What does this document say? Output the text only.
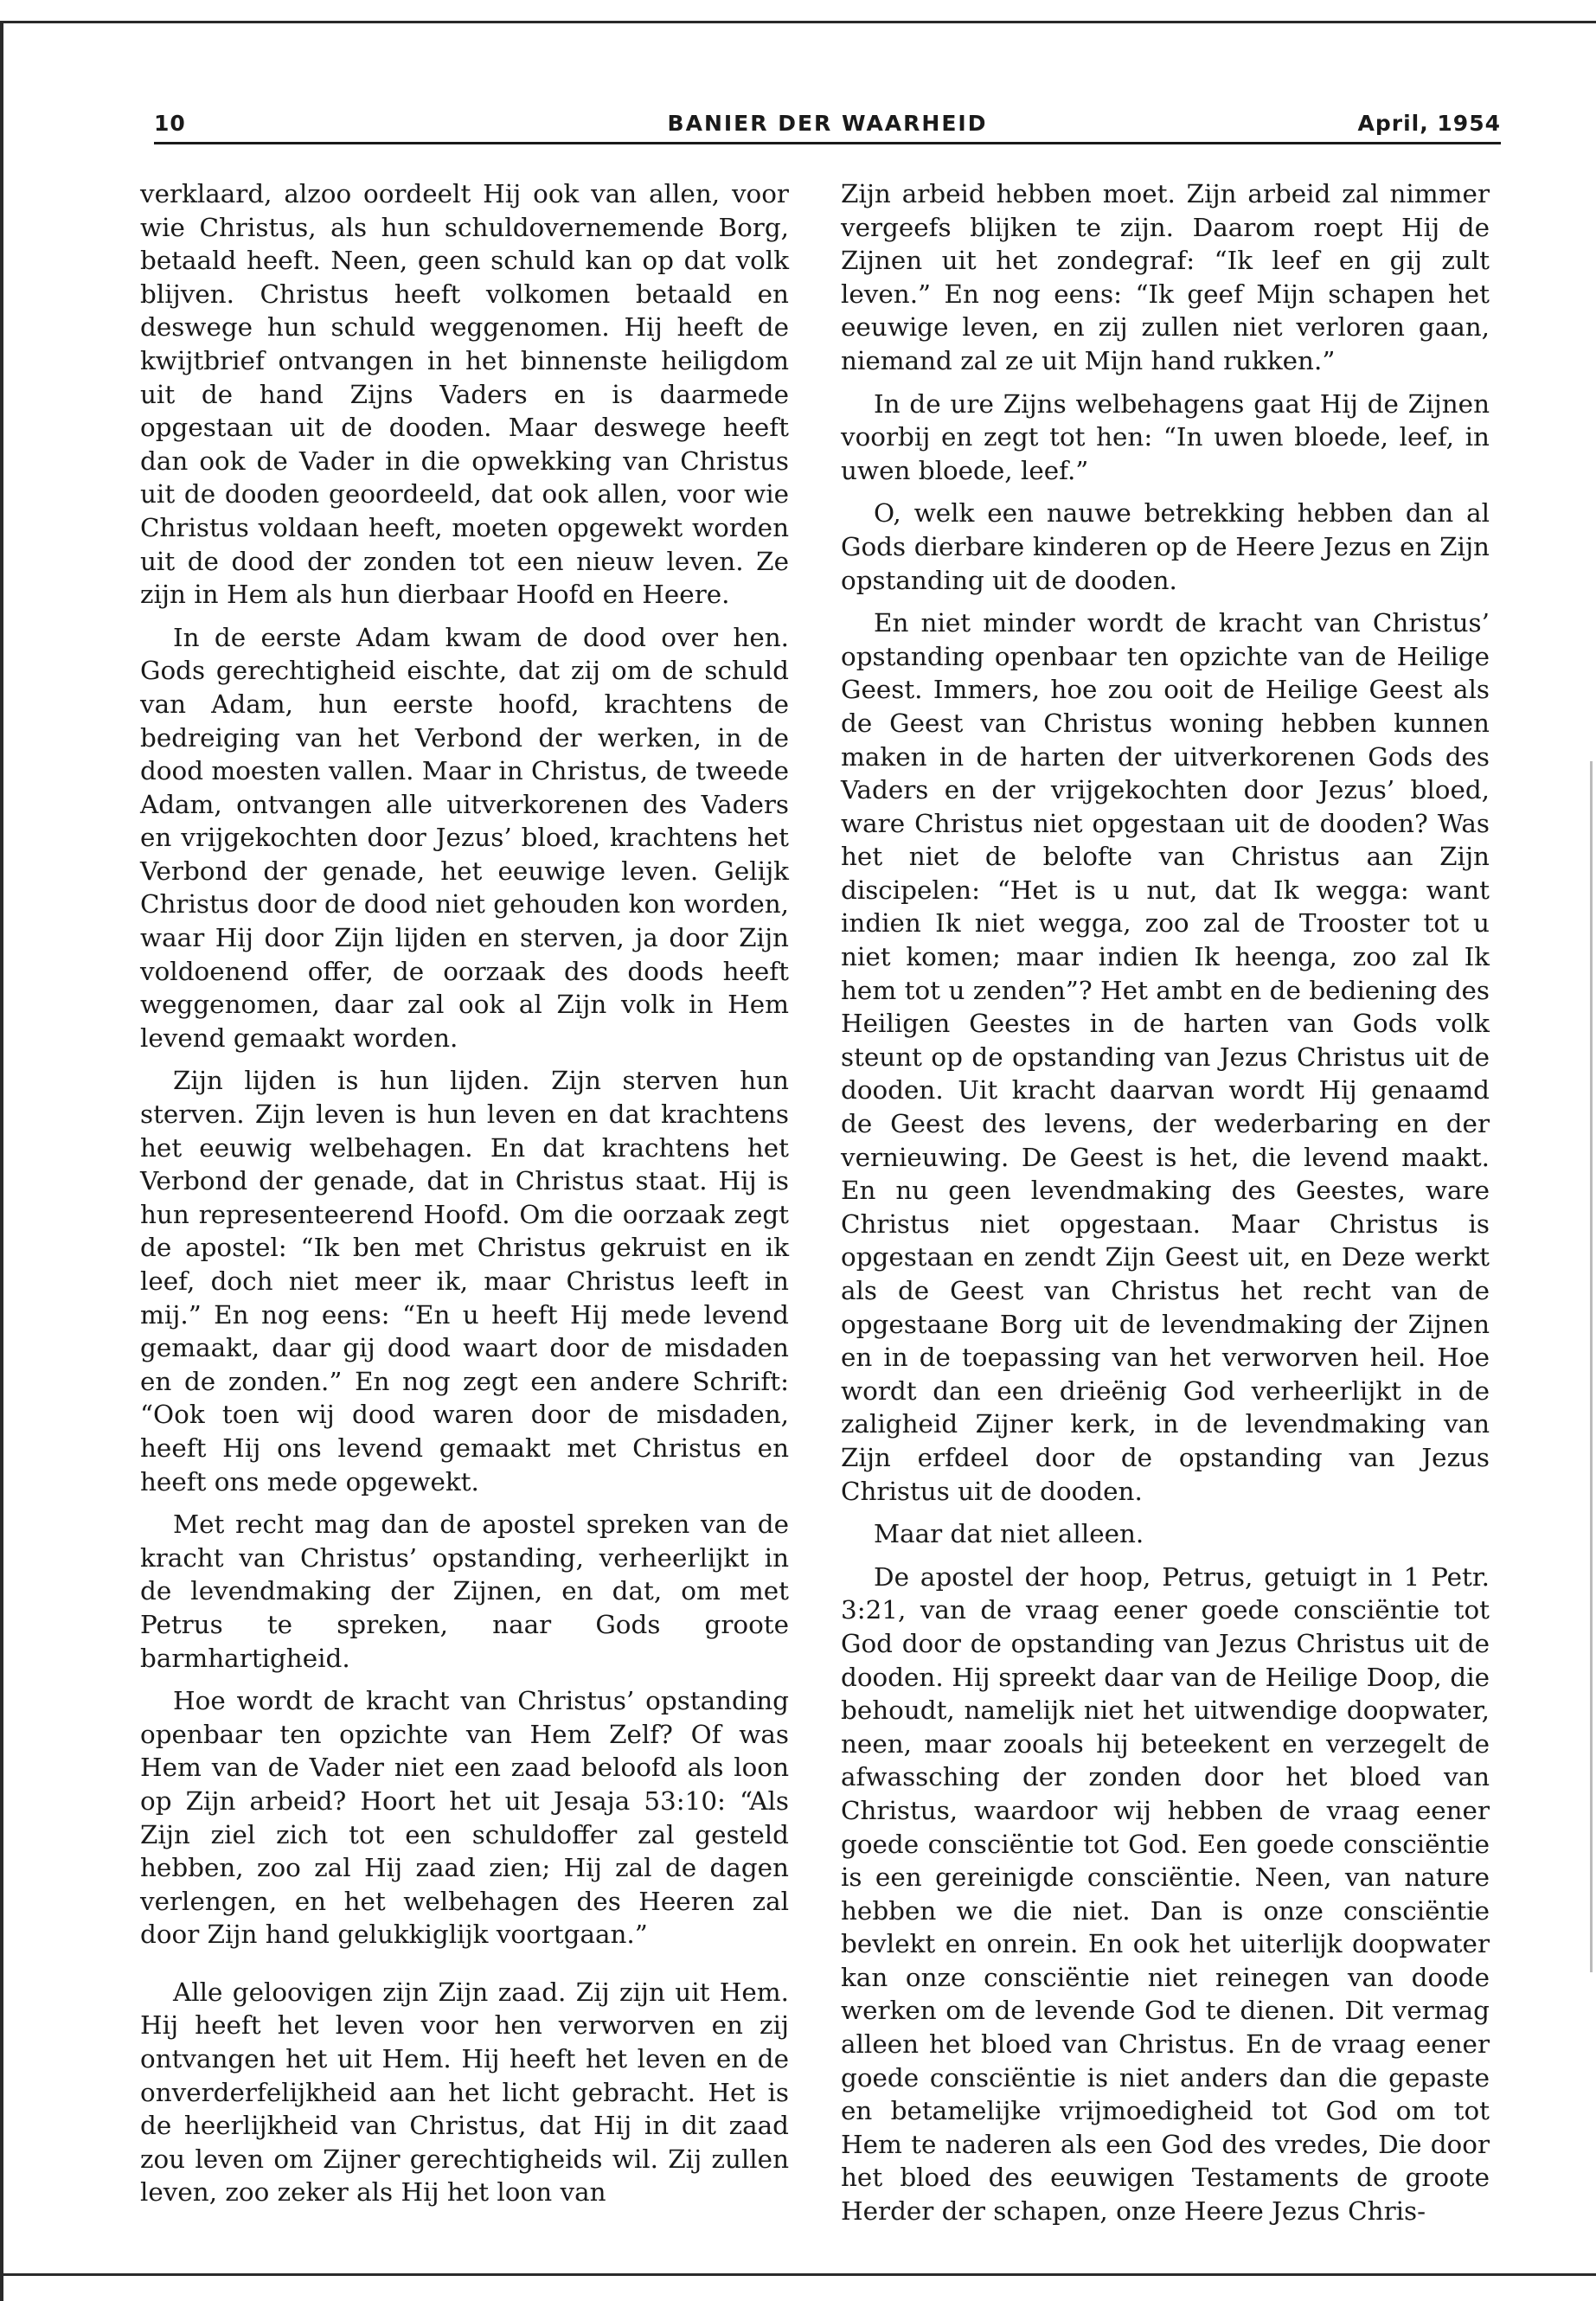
10	BANIER DER WAARHEID	April, 1954

verklaard, alzoo oordeelt Hij ook van allen, voor wie Christus, als hun schuldovernemende Borg, betaald heeft. Neen, geen schuld kan op dat volk blijven. Christus heeft volkomen betaald en deswege hun schuld weggenomen. Hij heeft de kwijtbrief ontvangen in het binnenste heiligdom uit de hand Zijns Vaders en is daarmede opgestaan uit de dooden. Maar deswege heeft dan ook de Vader in die opwekking van Christus uit de dooden geoordeeld, dat ook allen, voor wie Christus voldaan heeft, moeten opgewekt worden uit de dood der zonden tot een nieuw leven. Ze zijn in Hem als hun dierbaar Hoofd en Heere.

In de eerste Adam kwam de dood over hen. Gods gerechtigheid eischte, dat zij om de schuld van Adam, hun eerste hoofd, krachtens de bedreiging van het Verbond der werken, in de dood moesten vallen. Maar in Christus, de tweede Adam, ontvangen alle uitverkorenen des Vaders en vrijgekochten door Jezus’ bloed, krachtens het Verbond der genade, het eeuwige leven. Gelijk Christus door de dood niet gehouden kon worden, waar Hij door Zijn lijden en sterven, ja door Zijn voldoenend offer, de oorzaak des doods heeft weggenomen, daar zal ook al Zijn volk in Hem levend gemaakt worden.

Zijn lijden is hun lijden. Zijn sterven hun sterven. Zijn leven is hun leven en dat krachtens het eeuwig welbehagen. En dat krachtens het Verbond der genade, dat in Christus staat. Hij is hun representeerend Hoofd. Om die oorzaak zegt de apostel: “Ik ben met Christus gekruist en ik leef, doch niet meer ik, maar Christus leeft in mij.” En nog eens: “En u heeft Hij mede levend gemaakt, daar gij dood waart door de misdaden en de zonden.” En nog zegt een andere Schrift: “Ook toen wij dood waren door de misdaden, heeft Hij ons levend gemaakt met Christus en heeft ons mede opgewekt.

Met recht mag dan de apostel spreken van de kracht van Christus’ opstanding, verheerlijkt in de levendmaking der Zijnen, en dat, om met Petrus te spreken, naar Gods groote barmhartigheid.

Hoe wordt de kracht van Christus’ opstanding openbaar ten opzichte van Hem Zelf? Of was Hem van de Vader niet een zaad beloofd als loon op Zijn arbeid? Hoort het uit Jesaja 53:10: “Als Zijn ziel zich tot een schuldoffer zal gesteld hebben, zoo zal Hij zaad zien; Hij zal de dagen verlengen, en het welbehagen des Heeren zal door Zijn hand gelukkiglijk voortgaan.”

Alle geloovigen zijn Zijn zaad. Zij zijn uit Hem. Hij heeft het leven voor hen verworven en zij ontvangen het uit Hem. Hij heeft het leven en de onverderfelijkheid aan het licht gebracht. Het is de heerlijkheid van Christus, dat Hij in dit zaad zou leven om Zijner gerechtigheids wil. Zij zullen leven, zoo zeker als Hij het loon van

Zijn arbeid hebben moet. Zijn arbeid zal nimmer vergeefs blijken te zijn. Daarom roept Hij de Zijnen uit het zondegraf: “Ik leef en gij zult leven.” En nog eens: “Ik geef Mijn schapen het eeuwige leven, en zij zullen niet verloren gaan, niemand zal ze uit Mijn hand rukken.”

In de ure Zijns welbehagens gaat Hij de Zijnen voorbij en zegt tot hen: “In uwen bloede, leef, in uwen bloede, leef.”

O, welk een nauwe betrekking hebben dan al Gods dierbare kinderen op de Heere Jezus en Zijn opstanding uit de dooden.

En niet minder wordt de kracht van Christus’ opstanding openbaar ten opzichte van de Heilige Geest. Immers, hoe zou ooit de Heilige Geest als de Geest van Christus woning hebben kunnen maken in de harten der uitverkorenen Gods des Vaders en der vrijgekochten door Jezus’ bloed, ware Christus niet opgestaan uit de dooden? Was het niet de belofte van Christus aan Zijn discipelen: “Het is u nut, dat Ik wegga: want indien Ik niet wegga, zoo zal de Trooster tot u niet komen; maar indien Ik heenga, zoo zal Ik hem tot u zenden”? Het ambt en de bediening des Heiligen Geestes in de harten van Gods volk steunt op de opstanding van Jezus Christus uit de dooden. Uit kracht daarvan wordt Hij genaamd de Geest des levens, der wederbaring en der vernieuwing. De Geest is het, die levend maakt. En nu geen levendmaking des Geestes, ware Christus niet opgestaan. Maar Christus is opgestaan en zendt Zijn Geest uit, en Deze werkt als de Geest van Christus het recht van de opgestaane Borg uit de levendmaking der Zijnen en in de toepassing van het verworven heil. Hoe wordt dan een drieënig God verheerlijkt in de zaligheid Zijner kerk, in de levendmaking van Zijn erfdeel door de opstanding van Jezus Christus uit de dooden.

Maar dat niet alleen.

De apostel der hoop, Petrus, getuigt in 1 Petr. 3:21, van de vraag eener goede consciëntie tot God door de opstanding van Jezus Christus uit de dooden. Hij spreekt daar van de Heilige Doop, die behoudt, namelijk niet het uitwendige doopwater, neen, maar zooals hij beteekent en verzegelt de afwassching der zonden door het bloed van Christus, waardoor wij hebben de vraag eener goede consciëntie tot God. Een goede consciëntie is een gereinigde consciëntie. Neen, van nature hebben we die niet. Dan is onze consciëntie bevlekt en onrein. En ook het uiterlijk doopwater kan onze consciëntie niet reinegen van doode werken om de levende God te dienen. Dit vermag alleen het bloed van Christus. En de vraag eener goede consciëntie is niet anders dan die gepaste en betamelijke vrijmoedigheid tot God om tot Hem te naderen als een God des vredes, Die door het bloed des eeuwigen Testaments de groote Herder der schapen, onze Heere Jezus Chris-
